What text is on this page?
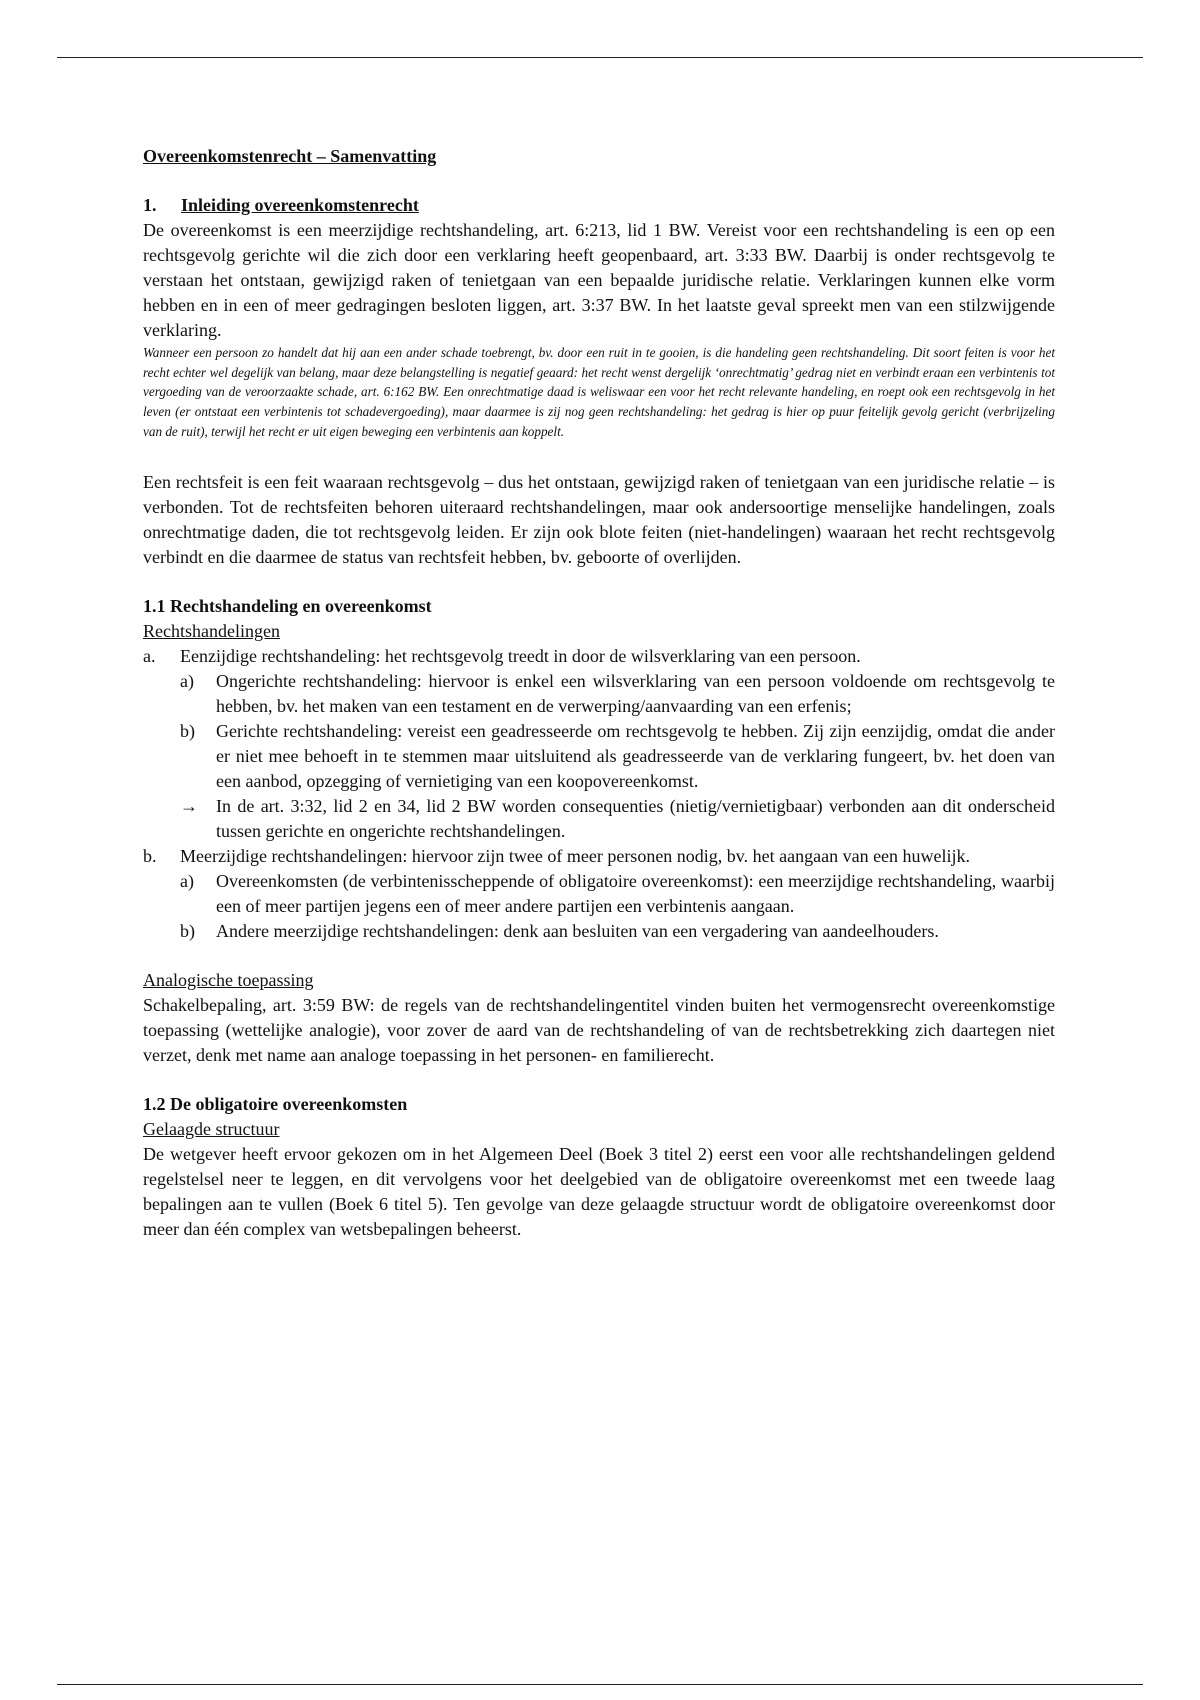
Overeenkomstenrecht – Samenvatting

1.	Inleiding overeenkomstenrecht

De overeenkomst is een meerzijdige rechtshandeling, art. 6:213, lid 1 BW. Vereist voor een rechtshandeling is een op een rechtsgevolg gerichte wil die zich door een verklaring heeft geopenbaard, art. 3:33 BW. Daarbij is onder rechtsgevolg te verstaan het ontstaan, gewijzigd raken of tenietgaan van een bepaalde juridische relatie. Verklaringen kunnen elke vorm hebben en in een of meer gedragingen besloten liggen, art. 3:37 BW. In het laatste geval spreekt men van een stilzwijgende verklaring.

Wanneer een persoon zo handelt dat hij aan een ander schade toebrengt, bv. door een ruit in te gooien, is die handeling geen rechtshandeling. Dit soort feiten is voor het recht echter wel degelijk van belang, maar deze belangstelling is negatief geaard: het recht wenst dergelijk ‘onrechtmatig’ gedrag niet en verbindt eraan een verbintenis tot vergoeding van de veroorzaakte schade, art. 6:162 BW. Een onrechtmatige daad is weliswaar een voor het recht relevante handeling, en roept ook een rechtsgevolg in het leven (er ontstaat een verbintenis tot schadevergoeding), maar daarmee is zij nog geen rechtshandeling: het gedrag is hier op puur feitelijk gevolg gericht (verbrijzeling van de ruit), terwijl het recht er uit eigen beweging een verbintenis aan koppelt.

Een rechtsfeit is een feit waaraan rechtsgevolg – dus het ontstaan, gewijzigd raken of tenietgaan van een juridische relatie – is verbonden. Tot de rechtsfeiten behoren uiteraard rechtshandelingen, maar ook andersoortige menselijke handelingen, zoals onrechtmatige daden, die tot rechtsgevolg leiden. Er zijn ook blote feiten (niet-handelingen) waaraan het recht rechtsgevolg verbindt en die daarmee de status van rechtsfeit hebben, bv. geboorte of overlijden.

1.1 Rechtshandeling en overeenkomst

Rechtshandelingen

a.	Eenzijdige rechtshandeling: het rechtsgevolg treedt in door de wilsverklaring van een persoon.
a)	Ongerichte rechtshandeling: hiervoor is enkel een wilsverklaring van een persoon voldoende om rechtsgevolg te hebben, bv. het maken van een testament en de verwerping/aanvaarding van een erfenis;
b)	Gerichte rechtshandeling: vereist een geadresseerde om rechtsgevolg te hebben. Zij zijn eenzijdig, omdat die ander er niet mee behoeft in te stemmen maar uitsluitend als geadresseerde van de verklaring fungeert, bv. het doen van een aanbod, opzegging of vernietiging van een koopovereenkomst.
→	In de art. 3:32, lid 2 en 34, lid 2 BW worden consequenties (nietig/vernietigbaar) verbonden aan dit onderscheid tussen gerichte en ongerichte rechtshandelingen.
b.	Meerzijdige rechtshandelingen: hiervoor zijn twee of meer personen nodig, bv. het aangaan van een huwelijk.
a)	Overeenkomsten (de verbintenisscheppende of obligatoire overeenkomst): een meerzijdige rechtshandeling, waarbij een of meer partijen jegens een of meer andere partijen een verbintenis aangaan.
b)	Andere meerzijdige rechtshandelingen: denk aan besluiten van een vergadering van aandeelhouders.

Analogische toepassing

Schakelbepaling, art. 3:59 BW: de regels van de rechtshandelingentitel vinden buiten het vermogensrecht overeenkomstige toepassing (wettelijke analogie), voor zover de aard van de rechtshandeling of van de rechtsbetrekking zich daartegen niet verzet, denk met name aan analoge toepassing in het personen- en familierecht.

1.2 De obligatoire overeenkomsten

Gelaagde structuur

De wetgever heeft ervoor gekozen om in het Algemeen Deel (Boek 3 titel 2) eerst een voor alle rechtshandelingen geldend regelstelsel neer te leggen, en dit vervolgens voor het deelgebied van de obligatoire overeenkomst met een tweede laag bepalingen aan te vullen (Boek 6 titel 5). Ten gevolge van deze gelaagde structuur wordt de obligatoire overeenkomst door meer dan één complex van wetsbepalingen beheerst.
